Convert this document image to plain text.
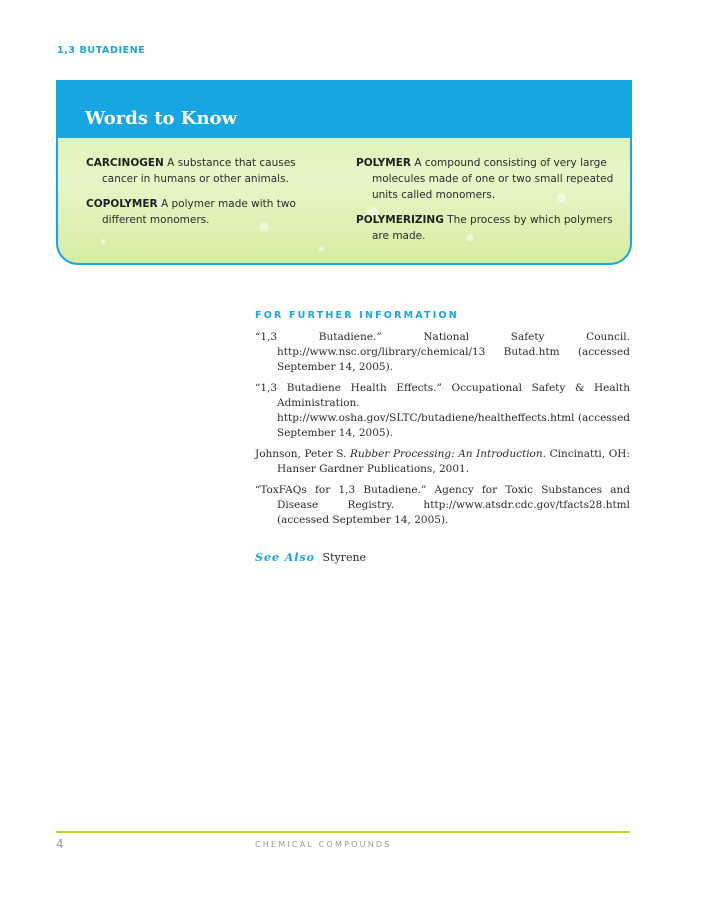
1,3 BUTADIENE
Words to Know

CARCINOGEN A substance that causes cancer in humans or other animals.

COPOLYMER A polymer made with two different monomers.

POLYMER A compound consisting of very large molecules made of one or two small repeated units called monomers.

POLYMERIZING The process by which polymers are made.

FOR FURTHER INFORMATION

“1,3 Butadiene.” National Safety Council. http://www.nsc.org/library/chemical/13 Butad.htm (accessed September 14, 2005).

“1,3 Butadiene Health Effects.” Occupational Safety & Health Administration. http://www.osha.gov/SLTC/butadiene/healtheffects.html (accessed September 14, 2005).

Johnson, Peter S. Rubber Processing: An Introduction. Cincinatti, OH: Hanser Gardner Publications, 2001.

“ToxFAQs for 1,3 Butadiene.” Agency for Toxic Substances and Disease Registry. http://www.atsdr.cdc.gov/tfacts28.html (accessed September 14, 2005).

See Also Styrene
4	CHEMICAL COMPOUNDS
